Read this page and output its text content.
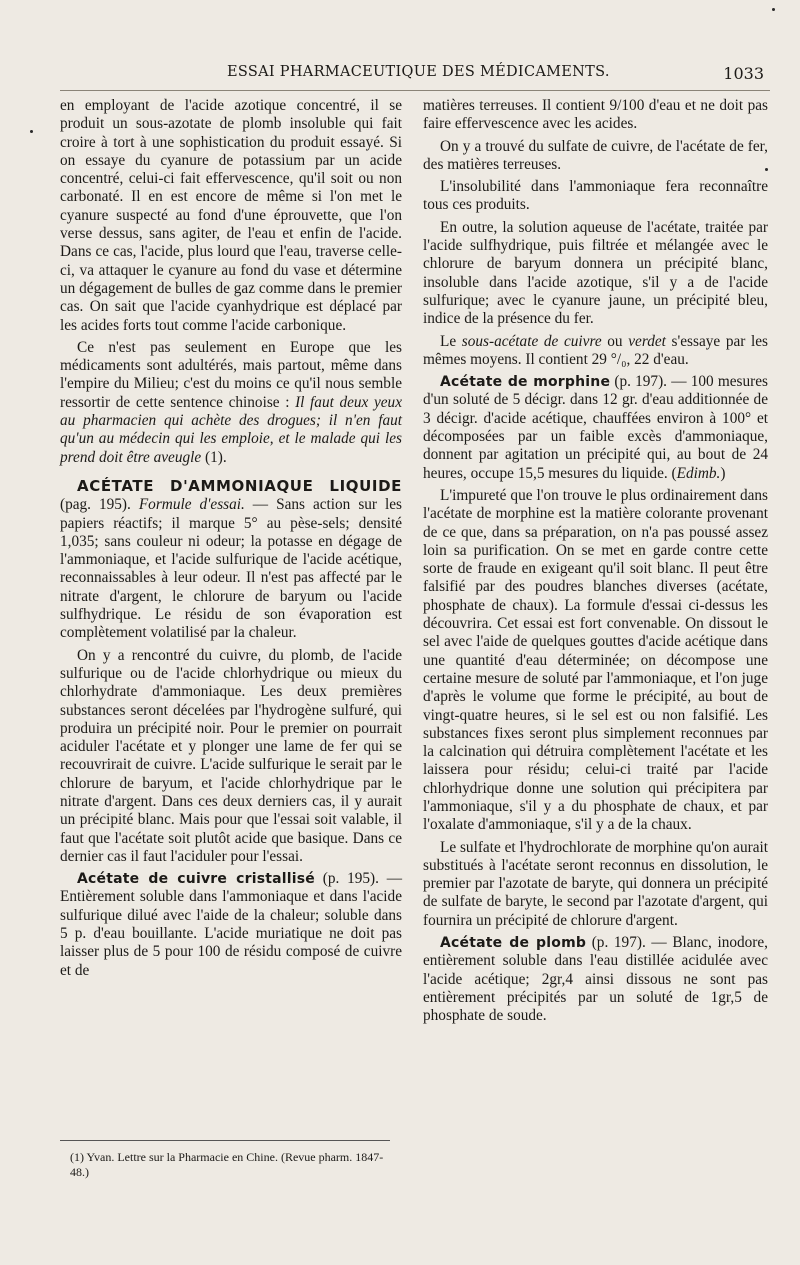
ESSAI PHARMACEUTIQUE DES MÉDICAMENTS.	1033

en employant de l'acide azotique concentré, il se produit un sous-azotate de plomb insoluble qui fait croire à tort à une sophistication du produit essayé. Si on essaye du cyanure de potassium par un acide concentré, celui-ci fait effervescence, qu'il soit ou non carbonaté. Il en est encore de même si l'on met le cyanure suspecté au fond d'une éprouvette, que l'on verse dessus, sans agiter, de l'eau et enfin de l'acide. Dans ce cas, l'acide, plus lourd que l'eau, traverse celle-ci, va attaquer le cyanure au fond du vase et détermine un dégagement de bulles de gaz comme dans le premier cas. On sait que l'acide cyanhydrique est déplacé par les acides forts tout comme l'acide carbonique.

Ce n'est pas seulement en Europe que les médicaments sont adultérés, mais partout, même dans l'empire du Milieu; c'est du moins ce qu'il nous semble ressortir de cette sentence chinoise : Il faut deux yeux au pharmacien qui achète des drogues; il n'en faut qu'un au médecin qui les emploie, et le malade qui les prend doit être aveugle (1).

ACÉTATE D'AMMONIAQUE LIQUIDE (pag. 195). Formule d'essai. — Sans action sur les papiers réactifs; il marque 5° au pèse-sels; densité 1,035; sans couleur ni odeur; la potasse en dégage de l'ammoniaque, et l'acide sulfurique de l'acide acétique, reconnaissables à leur odeur. Il n'est pas affecté par le nitrate d'argent, le chlorure de baryum ou l'acide sulfhydrique. Le résidu de son évaporation est complètement volatilisé par la chaleur.

On y a rencontré du cuivre, du plomb, de l'acide sulfurique ou de l'acide chlorhydrique ou mieux du chlorhydrate d'ammoniaque. Les deux premières substances seront décelées par l'hydrogène sulfuré, qui produira un précipité noir. Pour le premier on pourrait aciduler l'acétate et y plonger une lame de fer qui se recouvrirait de cuivre. L'acide sulfurique le serait par le chlorure de baryum, et l'acide chlorhydrique par le nitrate d'argent. Dans ces deux derniers cas, il y aurait un précipité blanc. Mais pour que l'essai soit valable, il faut que l'acétate soit plutôt acide que basique. Dans ce dernier cas il faut l'aciduler pour l'essai.

Acétate de cuivre cristallisé (p. 195). — Entièrement soluble dans l'ammoniaque et dans l'acide sulfurique dilué avec l'aide de la chaleur; soluble dans 5 p. d'eau bouillante. L'acide muriatique ne doit pas laisser plus de 5 pour 100 de résidu composé de cuivre et de

matières terreuses. Il contient 9/100 d'eau et ne doit pas faire effervescence avec les acides.

On y a trouvé du sulfate de cuivre, de l'acétate de fer, des matières terreuses.

L'insolubilité dans l'ammoniaque fera reconnaître tous ces produits.

En outre, la solution aqueuse de l'acétate, traitée par l'acide sulfhydrique, puis filtrée et mélangée avec le chlorure de baryum donnera un précipité blanc, insoluble dans l'acide azotique, s'il y a de l'acide sulfurique; avec le cyanure jaune, un précipité bleu, indice de la présence du fer.

Le sous-acétate de cuivre ou verdet s'essaye par les mêmes moyens. Il contient 29 °/₀, 22 d'eau.

Acétate de morphine (p. 197). — 100 mesures d'un soluté de 5 décigr. dans 12 gr. d'eau additionnée de 3 décigr. d'acide acétique, chauffées environ à 100° et décomposées par un faible excès d'ammoniaque, donnent par agitation un précipité qui, au bout de 24 heures, occupe 15,5 mesures du liquide. (Edimb.)

L'impureté que l'on trouve le plus ordinairement dans l'acétate de morphine est la matière colorante provenant de ce que, dans sa préparation, on n'a pas poussé assez loin sa purification. On se met en garde contre cette sorte de fraude en exigeant qu'il soit blanc. Il peut être falsifié par des poudres blanches diverses (acétate, phosphate de chaux). La formule d'essai ci-dessus les découvrira. Cet essai est fort convenable. On dissout le sel avec l'aide de quelques gouttes d'acide acétique dans une quantité d'eau déterminée; on décompose une certaine mesure de soluté par l'ammoniaque, et l'on juge d'après le volume que forme le précipité, au bout de vingt-quatre heures, si le sel est ou non falsifié. Les substances fixes seront plus simplement reconnues par la calcination qui détruira complètement l'acétate et les laissera pour résidu; celui-ci traité par l'acide chlorhydrique donne une solution qui précipitera par l'ammoniaque, s'il y a du phosphate de chaux, et par l'oxalate d'ammoniaque, s'il y a de la chaux.

Le sulfate et l'hydrochlorate de morphine qu'on aurait substitués à l'acétate seront reconnus en dissolution, le premier par l'azotate de baryte, qui donnera un précipité de sulfate de baryte, le second par l'azotate d'argent, qui fournira un précipité de chlorure d'argent.

Acétate de plomb (p. 197). — Blanc, inodore, entièrement soluble dans l'eau distillée acidulée avec l'acide acétique; 2gr,4 ainsi dissous ne sont pas entièrement précipités par un soluté de 1gr,5 de phosphate de soude.

(1) Yvan. Lettre sur la Pharmacie en Chine. (Revue pharm. 1847-48.)
